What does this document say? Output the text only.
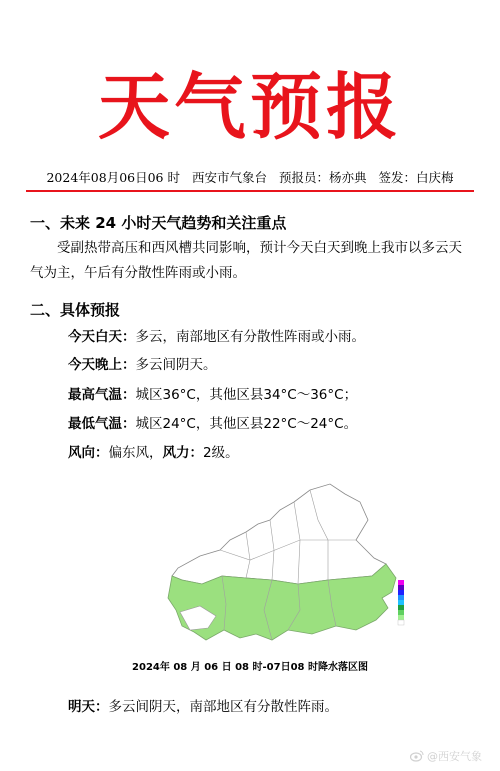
天气预报
2024年08月06日06 时 西安市气象台 预报员：杨亦典 签发：白庆梅
一、未来 24 小时天气趋势和关注重点
受副热带高压和西风槽共同影响，预计今天白天到晚上我市以多云天气为主，午后有分散性阵雨或小雨。
二、具体预报
今天白天：多云，南部地区有分散性阵雨或小雨。
今天晚上：多云间阴天。
最高气温：城区36°C，其他区县34°C～36°C；
最低气温：城区24°C，其他区县22°C～24°C。
风向：偏东风，风力：2级。
2024年 08 月 06 日 08 时-07日08 时降水落区图
明天：多云间阴天，南部地区有分散性阵雨。
@西安气象
